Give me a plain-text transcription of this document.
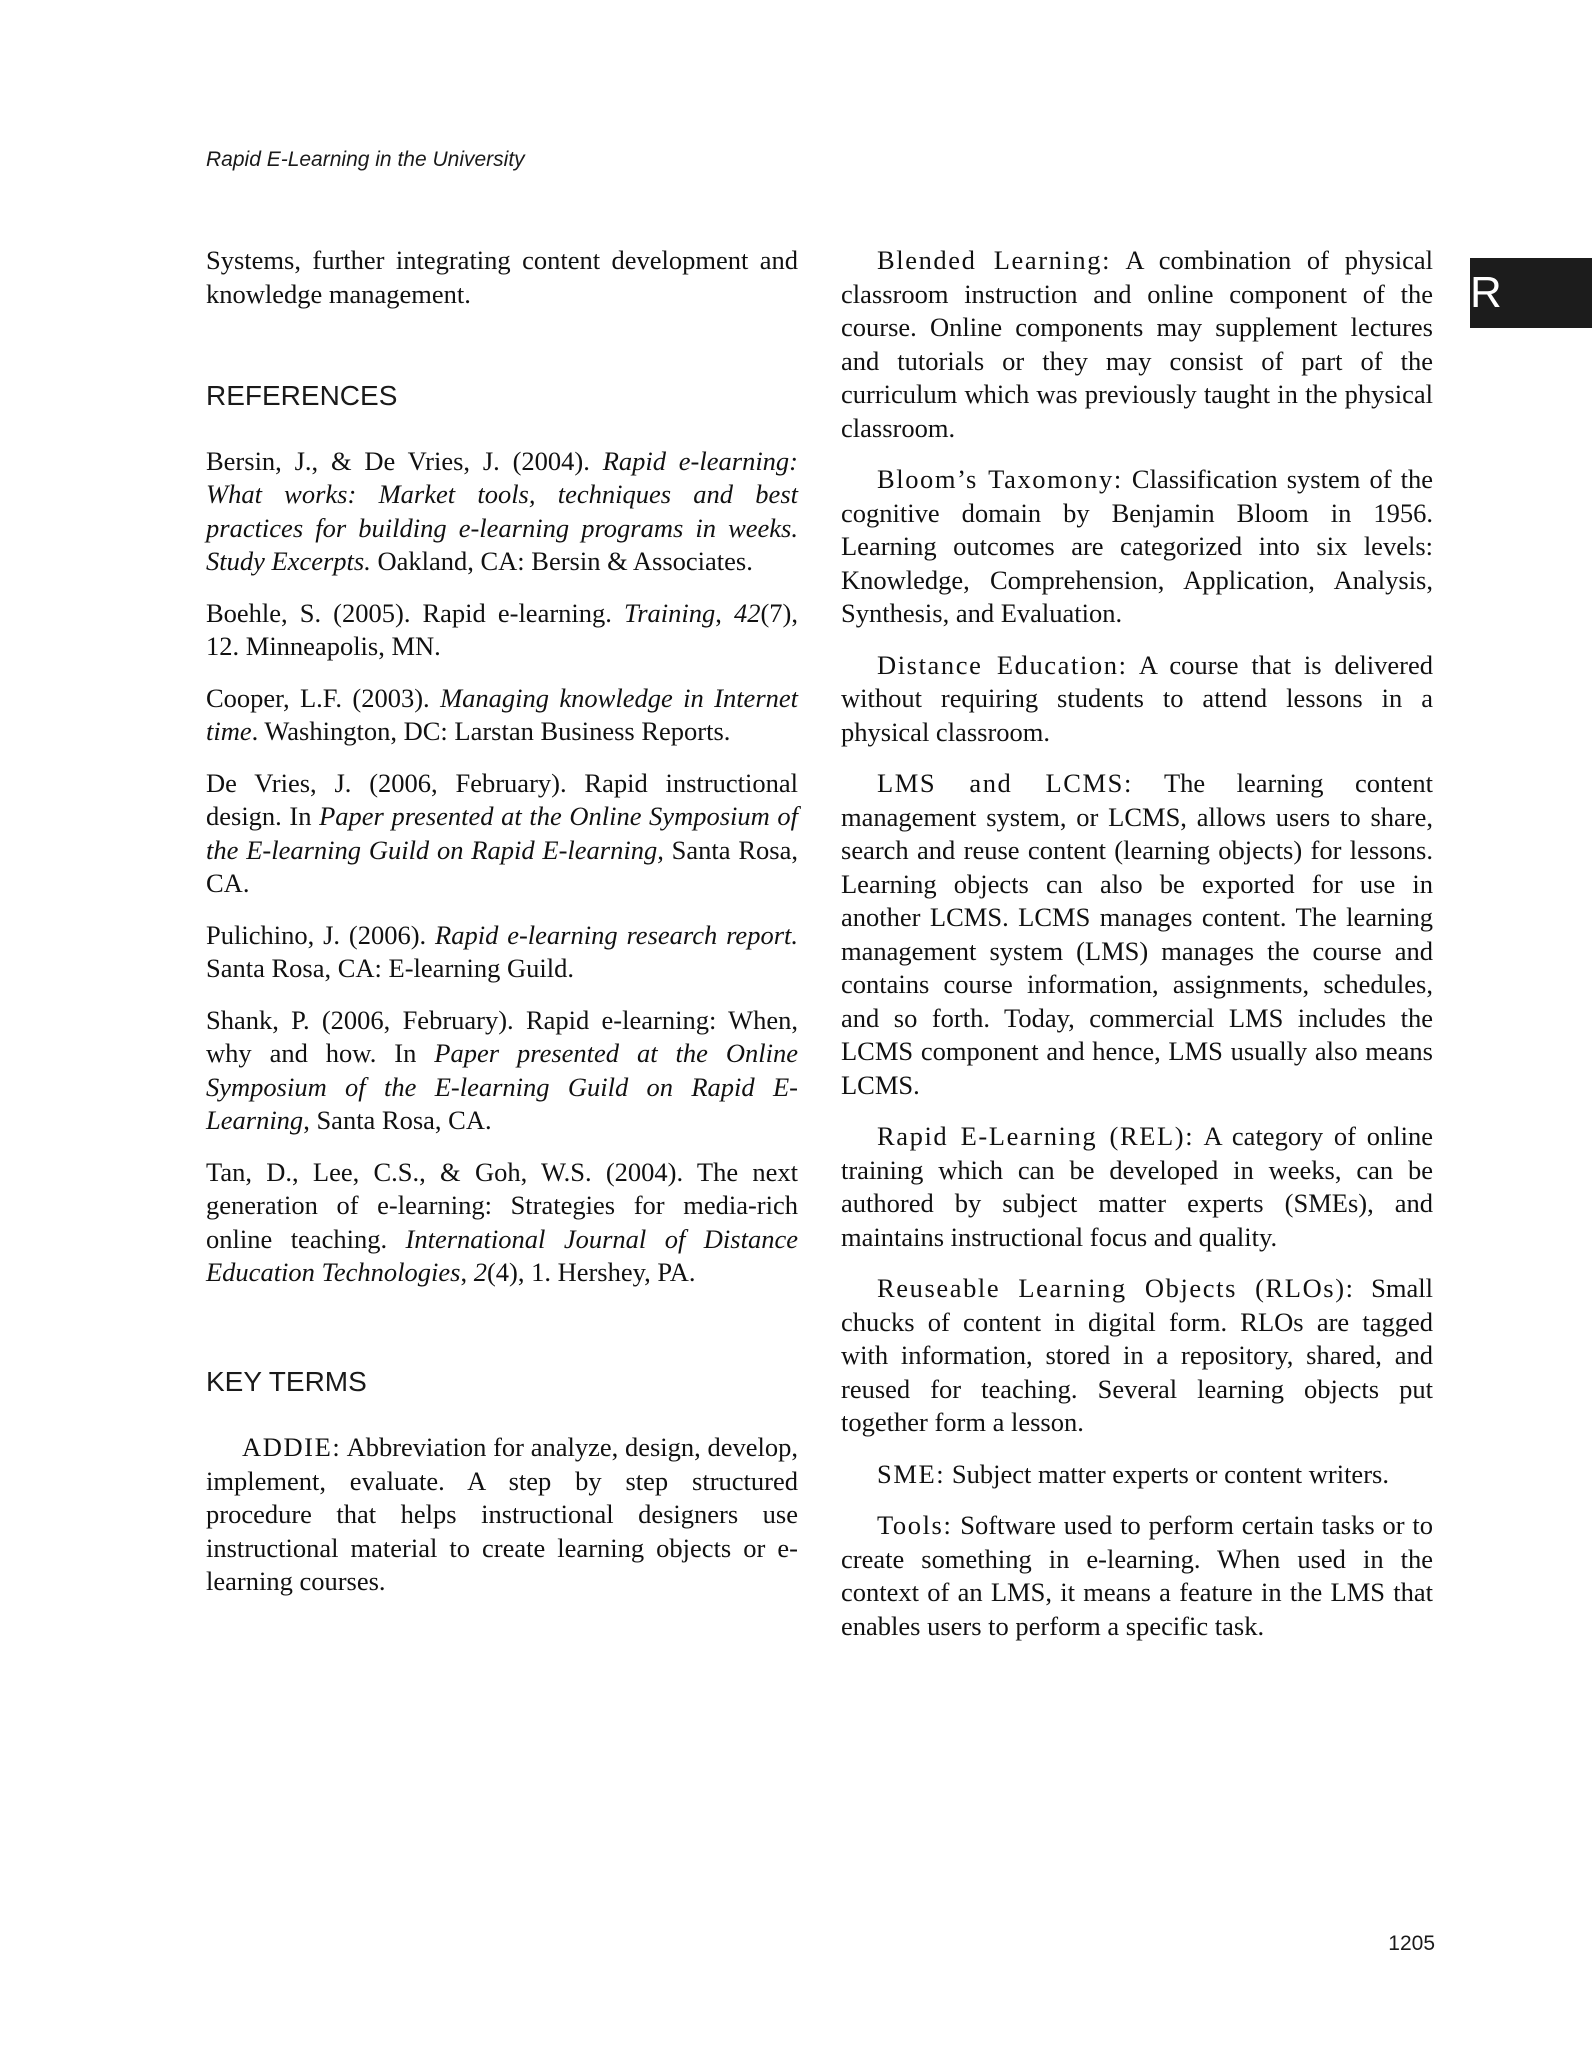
Rapid E-Learning in the University
R

Systems, further integrating content development and knowledge management.

REFERENCES

Bersin, J., & De Vries, J. (2004). Rapid e-learning: What works: Market tools, techniques and best practices for building e-learning programs in weeks. Study Excerpts. Oakland, CA: Bersin & Associates.

Boehle, S. (2005). Rapid e-learning. Training, 42(7), 12. Minneapolis, MN.

Cooper, L.F. (2003). Managing knowledge in Internet time. Washington, DC: Larstan Business Reports.

De Vries, J. (2006, February). Rapid instructional design. In Paper presented at the Online Symposium of the E-learning Guild on Rapid E-learning, Santa Rosa, CA.

Pulichino, J. (2006). Rapid e-learning research report. Santa Rosa, CA: E-learning Guild.

Shank, P. (2006, February). Rapid e-learning: When, why and how. In Paper presented at the Online Symposium of the E-learning Guild on Rapid E-Learning, Santa Rosa, CA.

Tan, D., Lee, C.S., & Goh, W.S. (2004). The next generation of e-learning: Strategies for media-rich online teaching. International Journal of Distance Education Technologies, 2(4), 1. Hershey, PA.

KEY TERMS

ADDIE: Abbreviation for analyze, design, develop, implement, evaluate. A step by step structured procedure that helps instructional designers use instructional material to create learning objects or e-learning courses.

Blended Learning: A combination of physical classroom instruction and online component of the course. Online components may supplement lectures and tutorials or they may consist of part of the curriculum which was previously taught in the physical classroom.

Bloom’s Taxomony: Classification system of the cognitive domain by Benjamin Bloom in 1956. Learning outcomes are categorized into six levels: Knowledge, Comprehension, Application, Analysis, Synthesis, and Evaluation.

Distance Education: A course that is delivered without requiring students to attend lessons in a physical classroom.

LMS and LCMS: The learning content management system, or LCMS, allows users to share, search and reuse content (learning objects) for lessons. Learning objects can also be exported for use in another LCMS. LCMS manages content. The learning management system (LMS) manages the course and contains course information, assignments, schedules, and so forth. Today, commercial LMS includes the LCMS component and hence, LMS usually also means LCMS.

Rapid E-Learning (REL): A category of online training which can be developed in weeks, can be authored by subject matter experts (SMEs), and maintains instructional focus and quality.

Reuseable Learning Objects (RLOs): Small chucks of content in digital form. RLOs are tagged with information, stored in a repository, shared, and reused for teaching. Several learning objects put together form a lesson.

SME: Subject matter experts or content writers.

Tools: Software used to perform certain tasks or to create something in e-learning. When used in the context of an LMS, it means a feature in the LMS that enables users to perform a specific task.

1205
